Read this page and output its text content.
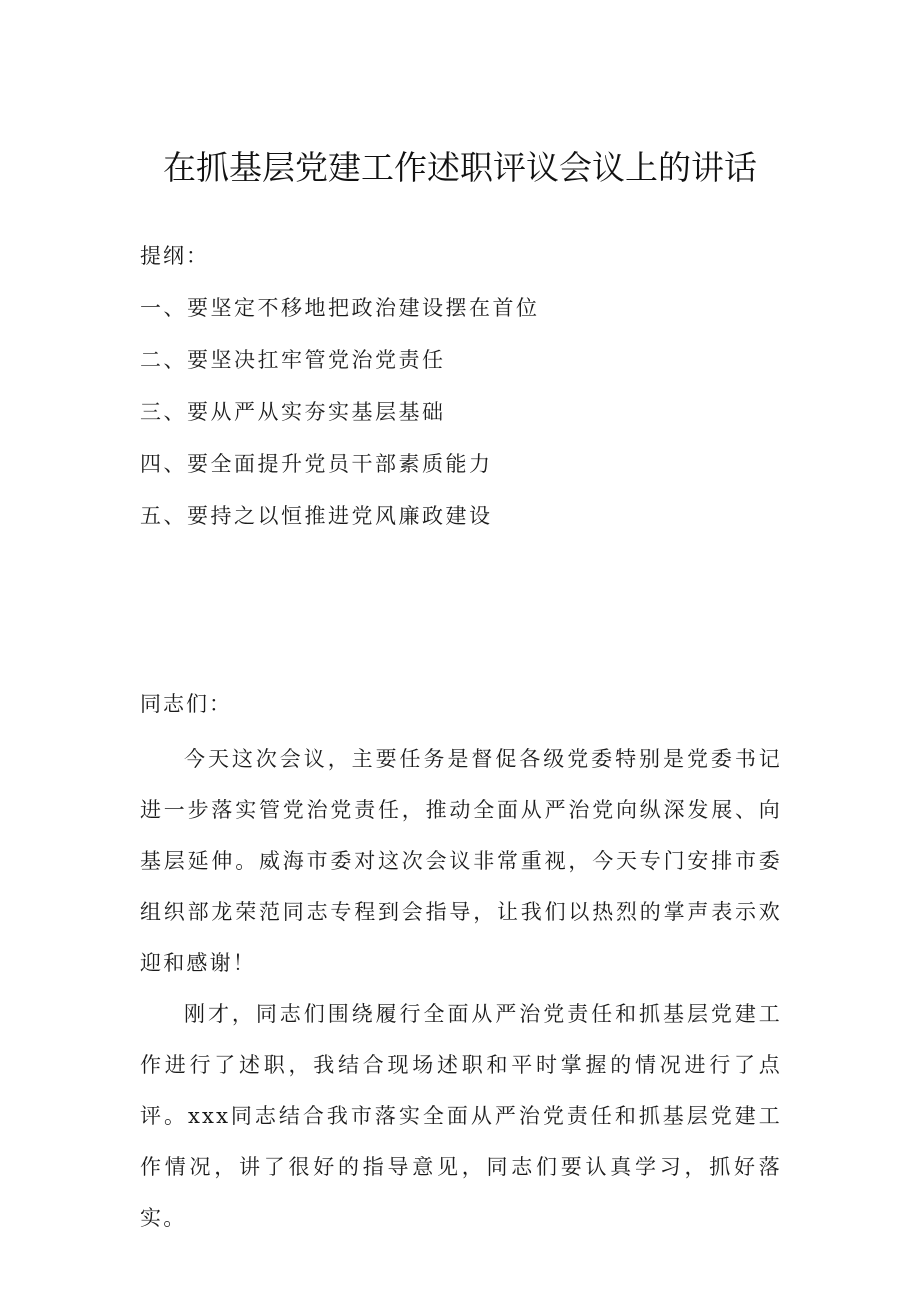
在抓基层党建工作述职评议会议上的讲话
提纲：
一、要坚定不移地把政治建设摆在首位
二、要坚决扛牢管党治党责任
三、要从严从实夯实基层基础
四、要全面提升党员干部素质能力
五、要持之以恒推进党风廉政建设
同志们：

今天这次会议，主要任务是督促各级党委特别是党委书记进一步落实管党治党责任，推动全面从严治党向纵深发展、向基层延伸。威海市委对这次会议非常重视，今天专门安排市委组织部龙荣范同志专程到会指导，让我们以热烈的掌声表示欢迎和感谢！

刚才，同志们围绕履行全面从严治党责任和抓基层党建工作进行了述职，我结合现场述职和平时掌握的情况进行了点评。xxx同志结合我市落实全面从严治党责任和抓基层党建工作情况，讲了很好的指导意见，同志们要认真学习，抓好落实。
